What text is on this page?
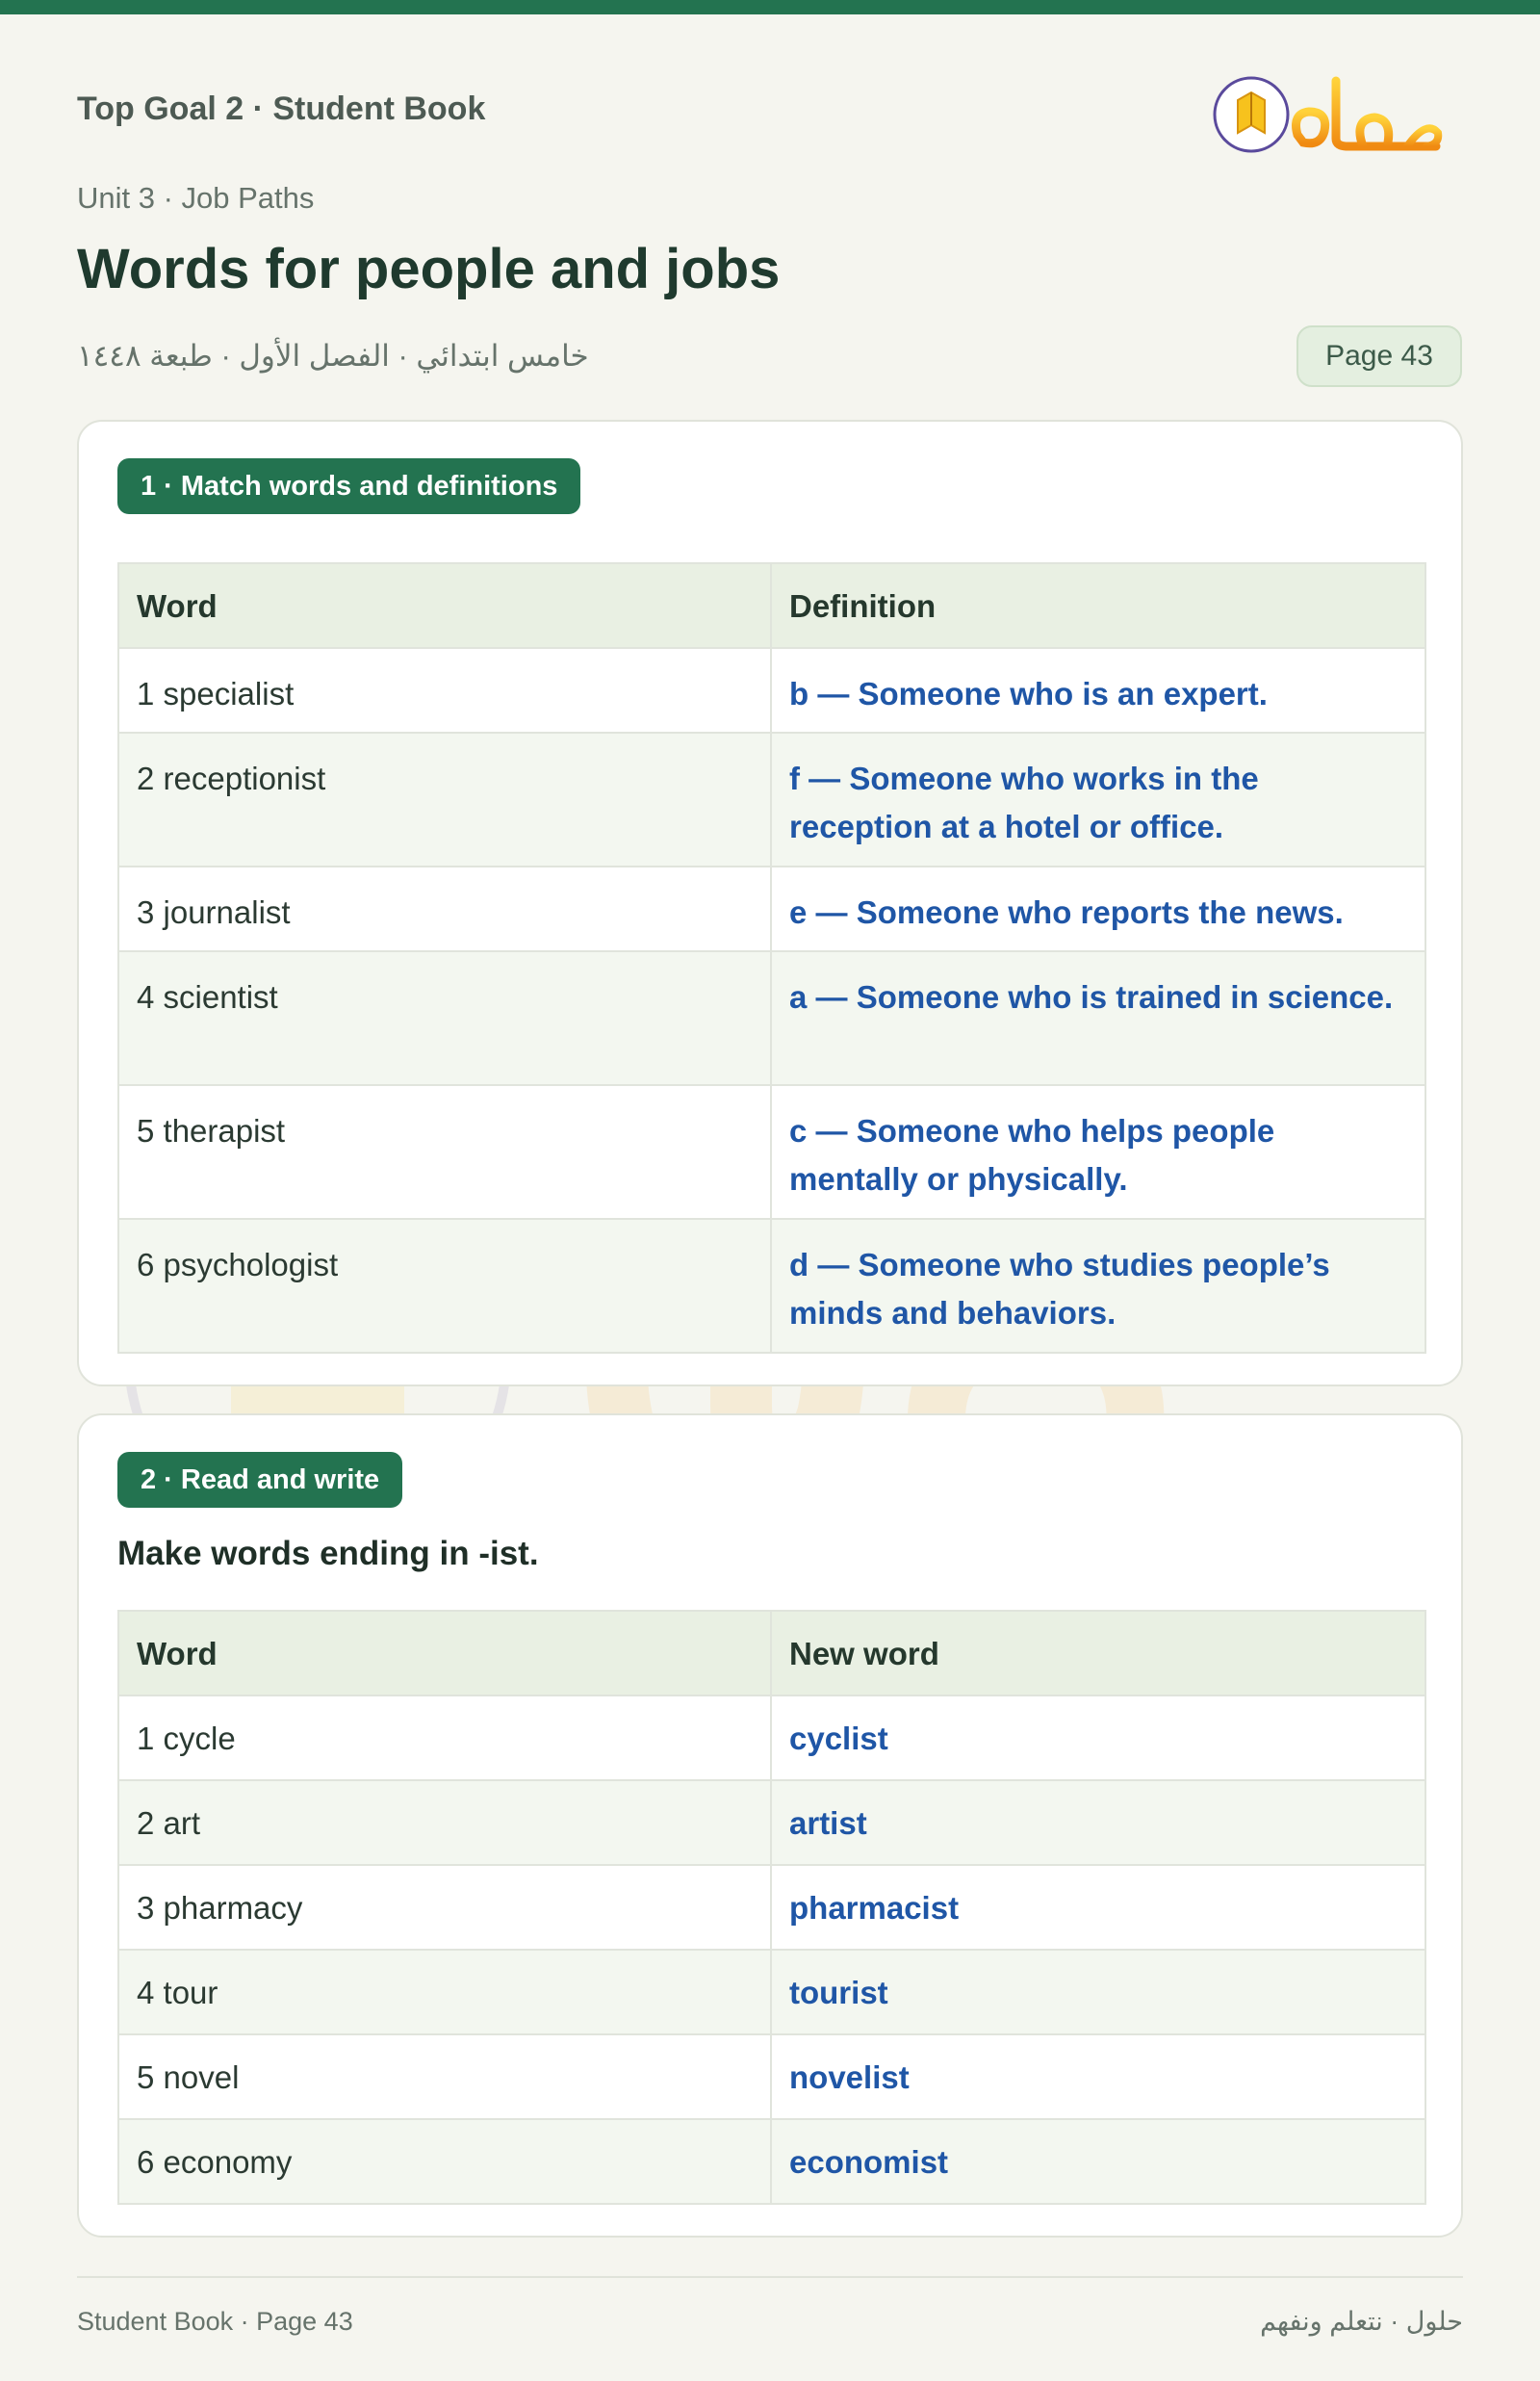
Top Goal 2 · Student Book
Unit 3 · Job Paths
Words for people and jobs
خامس ابتدائي · الفصل الأول · طبعة ١٤٤٨	Page 43
1 · Match words and definitions
Word	Definition
1 specialist	b — Someone who is an expert.
2 receptionist	f — Someone who works in the reception at a hotel or office.
3 journalist	e — Someone who reports the news.
4 scientist	a — Someone who is trained in science.
5 therapist	c — Someone who helps people mentally or physically.
6 psychologist	d — Someone who studies people’s minds and behaviors.
2 · Read and write
Make words ending in -ist.
Word	New word
1 cycle	cyclist
2 art	artist
3 pharmacy	pharmacist
4 tour	tourist
5 novel	novelist
6 economy	economist
Student Book · Page 43	حلول · نتعلم ونفهم
